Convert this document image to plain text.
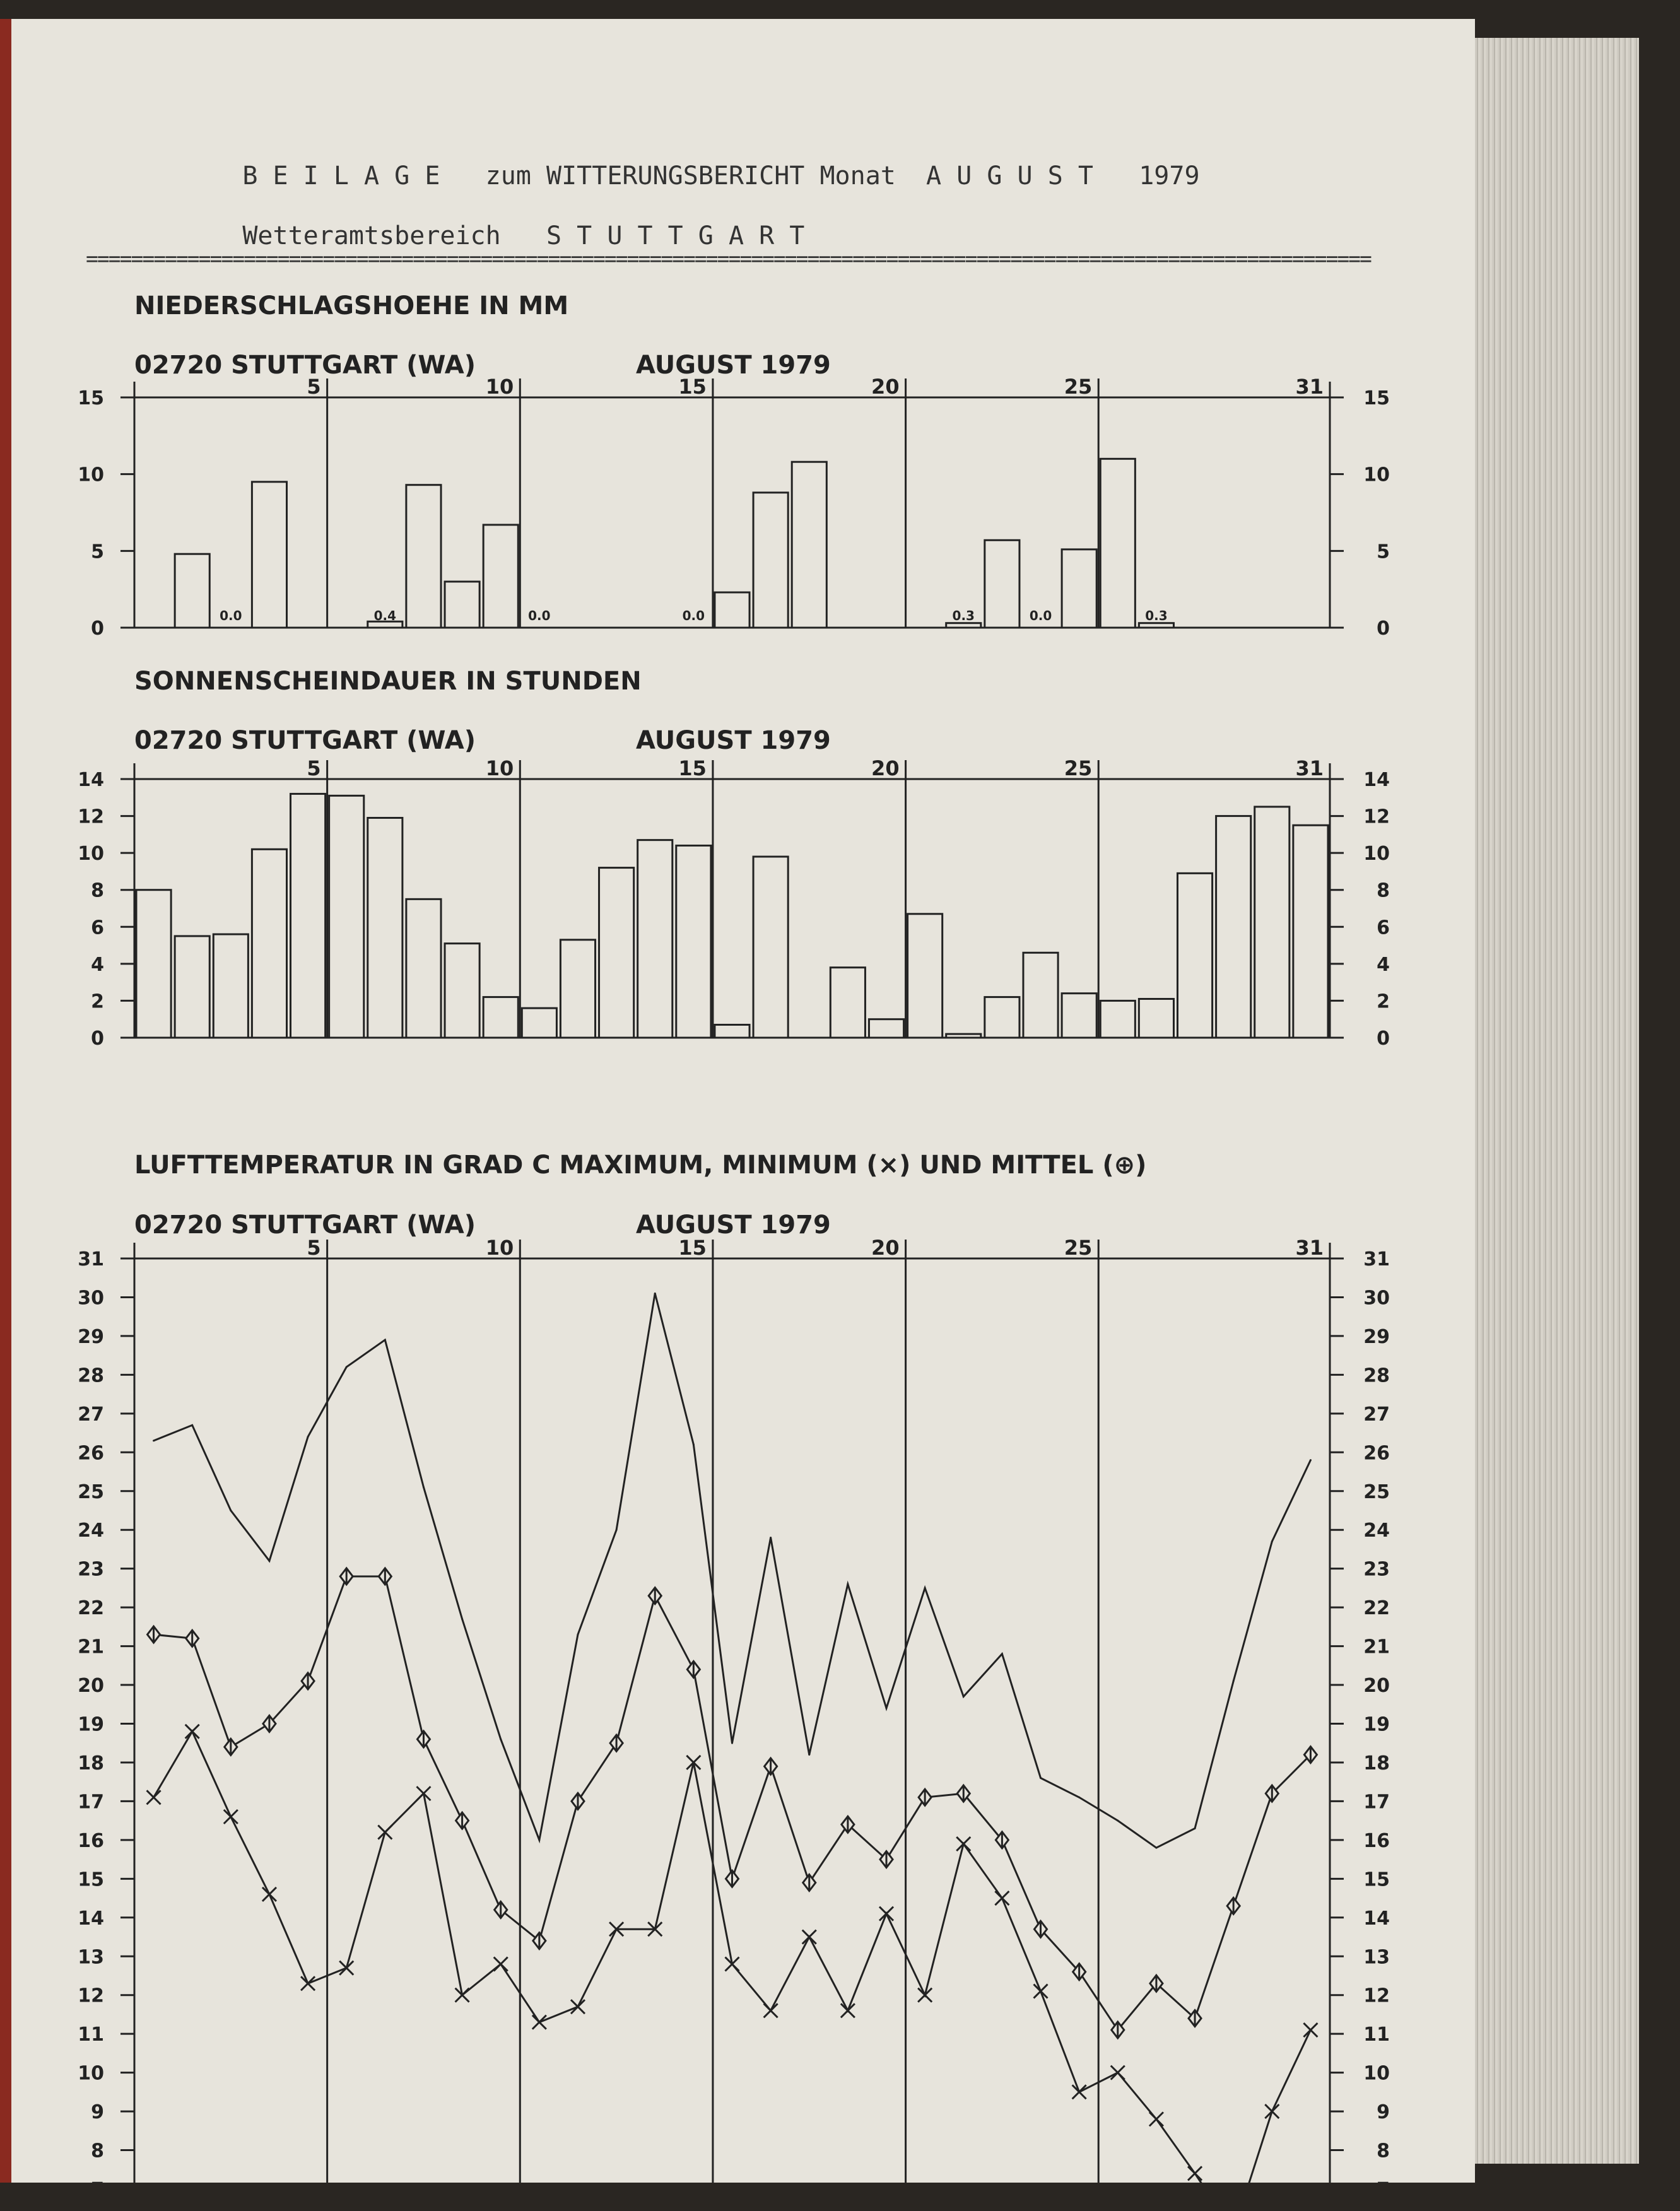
B E I L A G E zum WITTERUNGSBERICHT Monat A U G U S T 1979

Wetteramtsbereich S T U T T G A R T

==================================================================================================================
NIEDERSCHLAGSHOEHE IN MM
02720 STUTTGART (WA)	AUGUST 1979
0.0	0.4	0.0	0.0	0.3	0.0	0.3
5	10	15	20	25	31
0	0
5	5
10	10
15	15
SONNENSCHEINDAUER IN STUNDEN
02720 STUTTGART (WA)	AUGUST 1979
5	10	15	20	25	31
0	0
2	2
4	4
6	6
8	8
10	10
12	12
14	14
LUFTTEMPERATUR IN GRAD C MAXIMUM, MINIMUM (×) UND MITTEL (⊕)
02720 STUTTGART (WA)	AUGUST 1979
5	10	15	20	25	31
7	7
8	8
9	9
10	10
11	11
12	12
13	13
14	14
15	15
16	16
17	17
18	18
19	19
20	20
21	21
22	22
23	23
24	24
25	25
26	26
27	27
28	28
29	29
30	30
31	31
